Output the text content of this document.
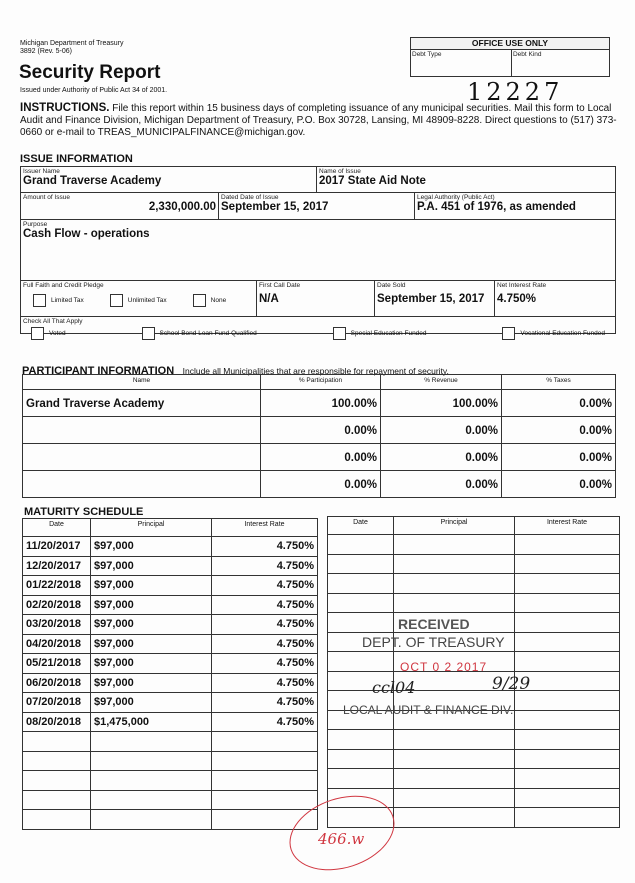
Michigan Department of Treasury
3892 (Rev. 5-06)
Security Report
Issued under Authority of Public Act 34 of 2001.
OFFICE USE ONLY
Debt Type	Debt Kind
12227
INSTRUCTIONS. File this report within 15 business days of completing issuance of any municipal securities. Mail this form to Local Audit and Finance Division, Michigan Department of Treasury, P.O. Box 30728, Lansing, MI 48909-8228. Direct questions to (517) 373-0660 or e-mail to TREAS_MUNICIPALFINANCE@michigan.gov.
ISSUE INFORMATION
Issuer Name
Grand Traverse Academy
Name of Issue
2017 State Aid Note
Amount of Issue
2,330,000.00
Dated Date of Issue
September 15, 2017
Legal Authority (Public Act)
P.A. 451 of 1976, as amended
Purpose
Cash Flow - operations
Full Faith and Credit Pledge
Limited Tax	Unlimited Tax	None
First Call Date
N/A
Date Sold
September 15, 2017
Net Interest Rate
4.750%
Check All That Apply
Voted	School Bond Loan Fund Qualified	Special Education Funded	Vocational Education Funded
PARTICIPANT INFORMATION Include all Municipalities that are responsible for repayment of security.
Name	% Participation	% Revenue	% Taxes
Grand Traverse Academy	100.00%	100.00%	0.00%
	0.00%	0.00%	0.00%
	0.00%	0.00%	0.00%
	0.00%	0.00%	0.00%
MATURITY SCHEDULE
Date	Principal	Interest Rate
11/20/2017	$97,000	4.750%
12/20/2017	$97,000	4.750%
01/22/2018	$97,000	4.750%
02/20/2018	$97,000	4.750%
03/20/2018	$97,000	4.750%
04/20/2018	$97,000	4.750%
05/21/2018	$97,000	4.750%
06/20/2018	$97,000	4.750%
07/20/2018	$97,000	4.750%
08/20/2018	$1,475,000	4.750%

Date	Principal	Interest Rate

RECEIVED
DEPT. OF TREASURY
OCT 0 2 2017
ccl04	9/29
LOCAL AUDIT & FINANCE DIV.
466.w
